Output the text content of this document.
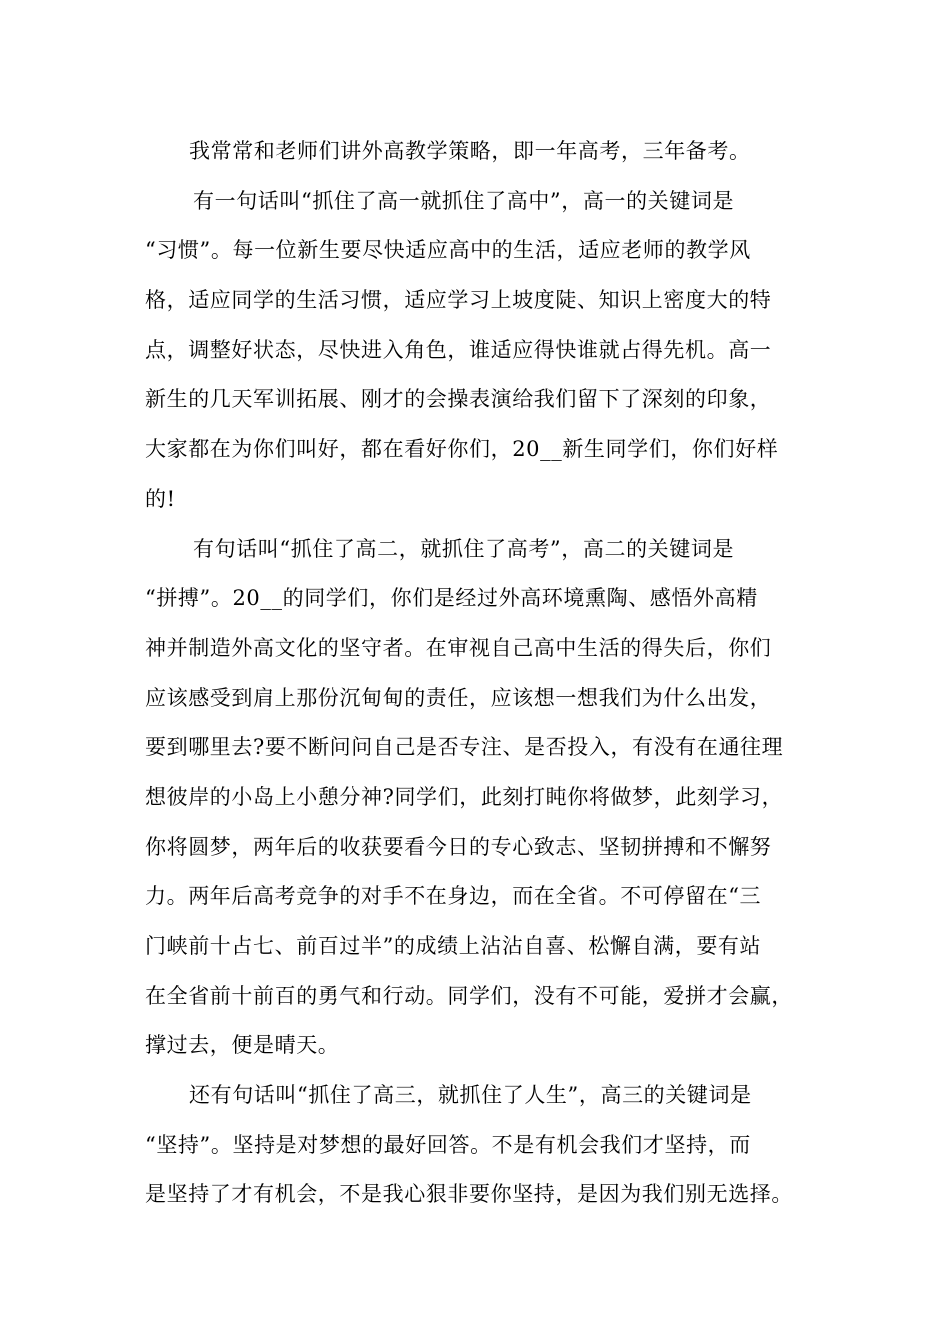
我常常和老师们讲外高教学策略，即一年高考，三年备考。
有一句话叫“抓住了高一就抓住了高中”，高一的关键词是
“习惯”。每一位新生要尽快适应高中的生活，适应老师的教学风
格，适应同学的生活习惯，适应学习上坡度陡、知识上密度大的特
点，调整好状态，尽快进入角色，谁适应得快谁就占得先机。高一
新生的几天军训拓展、刚才的会操表演给我们留下了深刻的印象，
大家都在为你们叫好，都在看好你们，20__新生同学们，你们好样
的!
有句话叫“抓住了高二，就抓住了高考”，高二的关键词是
“拼搏”。20__的同学们，你们是经过外高环境熏陶、感悟外高精
神并制造外高文化的坚守者。在审视自己高中生活的得失后，你们
应该感受到肩上那份沉甸甸的责任，应该想一想我们为什么出发，
要到哪里去?要不断问问自己是否专注、是否投入，有没有在通往理
想彼岸的小岛上小憩分神?同学们，此刻打盹你将做梦，此刻学习，
你将圆梦，两年后的收获要看今日的专心致志、坚韧拼搏和不懈努
力。两年后高考竞争的对手不在身边，而在全省。不可停留在“三
门峡前十占七、前百过半”的成绩上沾沾自喜、松懈自满，要有站
在全省前十前百的勇气和行动。同学们，没有不可能，爱拼才会赢，
撑过去，便是晴天。
还有句话叫“抓住了高三，就抓住了人生”，高三的关键词是
“坚持”。坚持是对梦想的最好回答。不是有机会我们才坚持，而
是坚持了才有机会，不是我心狠非要你坚持，是因为我们别无选择。
